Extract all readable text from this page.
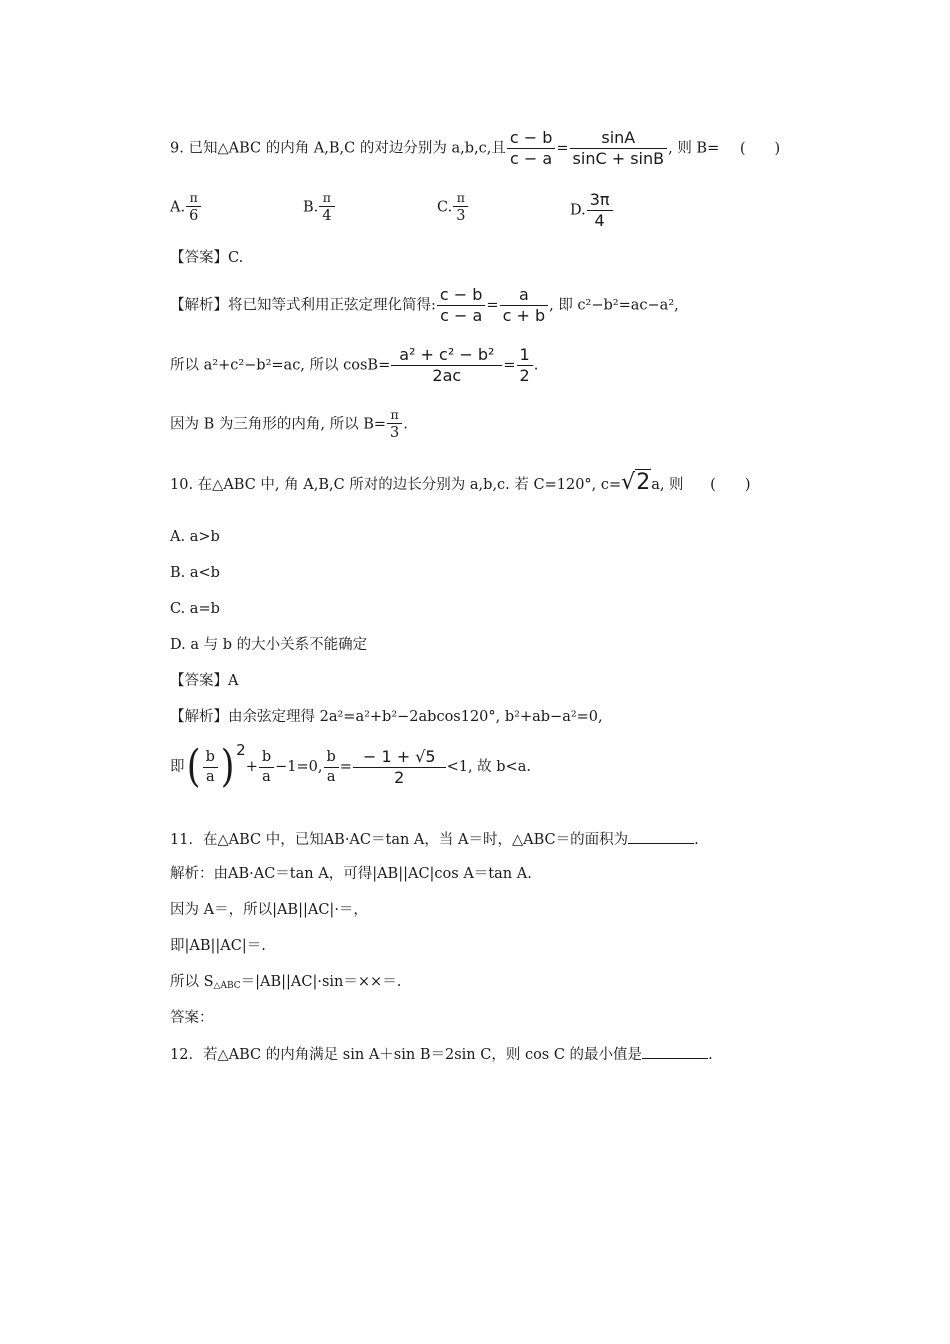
9. 已知△ABC 的内角 A,B,C 的对边分别为 a,b,c,且 $\frac{c - b}{c - a} = \frac{\sin A}{\sin C + \sin B}$ , 则 B= (　　)
A. $\frac{\pi}{6}$	B. $\frac{\pi}{4}$	C. $\frac{\pi}{3}$	D. $\frac{3\pi}{4}$
【答案】C.
【解析】将已知等式利用正弦定理化简得: $\frac{c - b}{c - a} = \frac{a}{c + b}$ , 即 c²−b²=ac−a²,
所以 a²+c²−b²=ac, 所以 $\cos B= \frac{\text{a² + c² − b²}}{2ac} = \frac{1}{2}$ .
因为 B 为三角形的内角, 所以 $B= \frac{\pi}{3}$ .
10. 在△ABC 中, 角 A,B,C 所对的边长分别为 a,b,c. 若 C=120°, c=√2a, 则 (　　)
A. a>b
B. a<b
C. a=b
D. a 与 b 的大小关系不能确定
【答案】A
【解析】由余弦定理得 2a²=a²+b²−2abcos120°, b²+ab−a²=0,
即( $\frac{b}{a}$ ) $^2+ \frac{b}{a} -1=0$, $\frac{b}{a} = \frac{- 1 + √5}{2} <1$, 故 b<a.
11．在△ABC 中，已知AB·AC＝tan A，当 A＝时，△ABC＝的面积为	.
解析：由AB·AC＝tan A，可得|AB||AC|cos A＝tan A.
因为 A＝，所以|AB||AC|·＝，
即|AB||AC|＝.
所以 $S_{\triangle ABC}=|AB||AC|\cdot\sin=\times\times=$.
答案：
12．若△ABC 的内角满足 sin A＋sin B＝2sin C，则 cos C 的最小值是	.
